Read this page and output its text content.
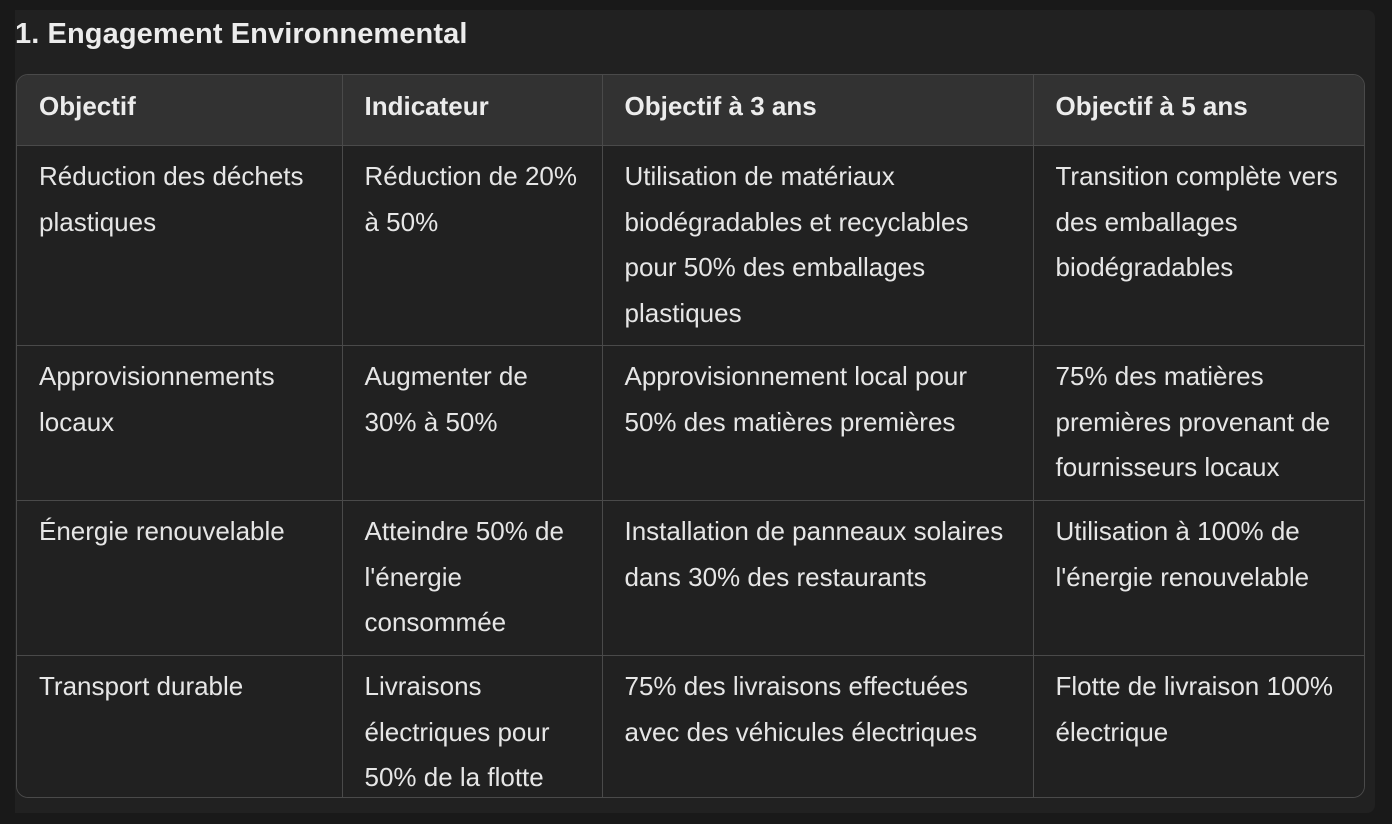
1. Engagement Environnemental
Objectif	Indicateur	Objectif à 3 ans	Objectif à 5 ans
Réduction des déchets plastiques	Réduction de 20% à 50%	Utilisation de matériaux biodégradables et recyclables pour 50% des emballages plastiques	Transition complète vers des emballages biodégradables
Approvisionnements locaux	Augmenter de 30% à 50%	Approvisionnement local pour 50% des matières premières	75% des matières premières provenant de fournisseurs locaux
Énergie renouvelable	Atteindre 50% de l'énergie consommée	Installation de panneaux solaires dans 30% des restaurants	Utilisation à 100% de l'énergie renouvelable
Transport durable	Livraisons électriques pour 50% de la flotte	75% des livraisons effectuées avec des véhicules électriques	Flotte de livraison 100% électrique
